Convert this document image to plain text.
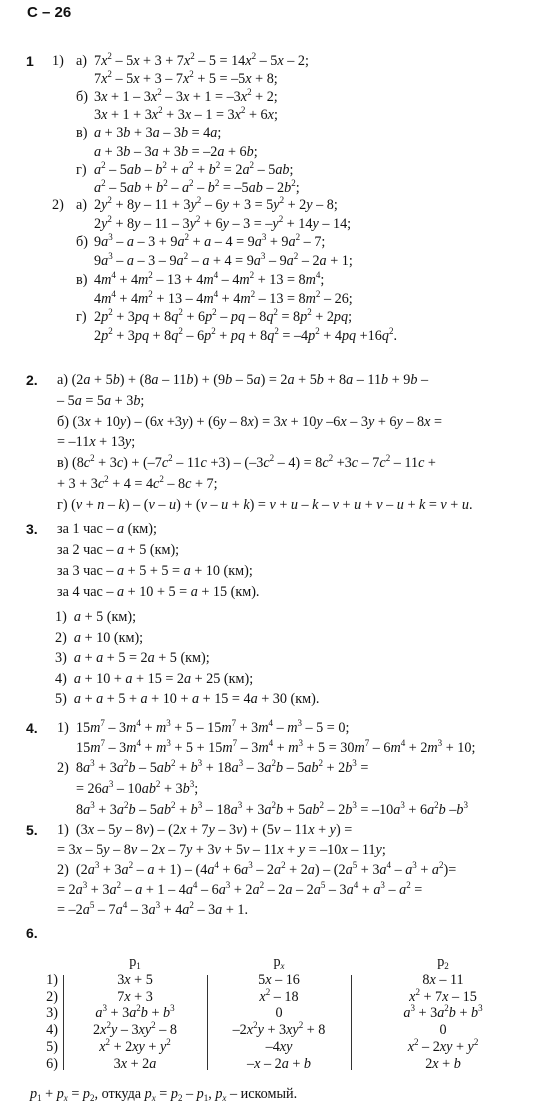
С – 26
1 1) а) $7x^2 - 5x + 3 + 7x^2 - 5 = 14x^2 - 5x - 2$;
$7x^2 - 5x + 3 - 7x^2 + 5 = -5x + 8$;
б) $3x + 1 - 3x^2 - 3x + 1 = -3x^2 + 2$;
$3x + 1 + 3x^2 + 3x - 1 = 3x^2 + 6x$;
в) a + 3b + 3a – 3b = 4a;
a + 3b – 3a + 3b = –2a + 6b;
г) $a^2 - 5ab - b^2 + a^2 + b^2 = 2a^2 - 5ab$;
$a^2 - 5ab + b^2 - a^2 - b^2 = -5ab - 2b^2$;
2) а) $2y^2 + 8y - 11 + 3y^2 - 6y + 3 = 5y^2 + 2y - 8$;
$2y^2 + 8y - 11 - 3y^2 + 6y - 3 = -y^2 + 14y - 14$;
б) $9a^3 - a - 3 + 9a^2 + a - 4 = 9a^3 + 9a^2 - 7$;
$9a^3 - a - 3 - 9a^2 - a + 4 = 9a^3 - 9a^2 - 2a + 1$;
в) $4m^4 + 4m^2 - 13 + 4m^4 - 4m^2 + 13 = 8m^4$;
$4m^4 + 4m^2 + 13 - 4m^4 + 4m^2 - 13 = 8m^2 - 26$;
г) $2p^2 + 3pq + 8q^2 + 6p^2$ – pq – $8q^2 = 8p^2 + 2pq$;
$2p^2 + 3pq + 8q^2 - 6p^2$ + pq + $8q^2 = -4p^2 + 4pq +16q^2$.
2. а) (2a + 5b) + (8a – 11b) + (9b – 5a) = 2a + 5b + 8a – 11b + 9b –
– 5a = 5a + 3b;
б) (3x + 10y) – (6x +3y) + (6y – 8x) = 3x + 10y –6x – 3y + 6y – 8x =
= –11x + 13y;
в) $(8c^2 + 3c) + (-7c^2 - 11c +3) - (-3c^2 - 4) = 8c^2 +3c - 7c^2 - 11c$ +
+ $3 + 3c^2 + 4 = 4c^2 - 8c + 7$;
г) (v + n – k) – (v – u) + (v – u + k) = v + u – k – v + u + v – u + k = v + u.
3. за 1 час – a (км);
за 2 час – a + 5 (км);
за 3 час – a + 5 + 5 = a + 10 (км);
за 4 час – a + 10 + 5 = a + 15 (км).
1)  a + 5 (км);
2)  a + 10 (км);
3)  a + a + 5 = 2a + 5 (км);
4)  a + 10 + a + 15 = 2a + 25 (км);
5)  a + a + 5 + a + 10 + a + 15 = 4a + 30 (км).
4. 1)  $15m^7 - 3m^4 + m^3 + 5 - 15m^7 + 3m^4 - m^3 - 5 = 0$;
$15m^7 - 3m^4 + m^3 + 5 + 15m^7 - 3m^4 + m^3 + 5 = 30m^7 - 6m^4 + 2m^3 + 10$;
2)  $8a^3 + 3a^2b - 5ab^2 + b^3 + 18a^3 - 3a^2b - 5ab^2 + 2b^3$ =
= $26a^3 - 10ab^2 + 3b^3$;
$8a^3 + 3a^2b - 5ab^2 + b^3 - 18a^3 + 3a^2b + 5ab^2 - 2b^3 = -10a^3 + 6a^2b$ $-b^3$
5. 1)  (3x – 5y – 8v) – (2x + 7y – 3v) + (5v – 11x + y) =
= 3x – 5y – 8v – 2x – 7y + 3v + 5v – 11x + y = –10x – 11y;
2)  $(2a^3 + 3a^2 - a + 1) - (4a^4 + 6a^3 - 2a^2 + 2a) - (2a^5 + 3a^4 - a^3 + a^2)=$
= $2a^3 + 3a^2 - a + 1 - 4a^4 - 6a^3 + 2a^2 - 2a - 2a^5 - 3a^4 + a^3 - a^2$ =
= $-2a^5 - 7a^4 - 3a^3 + 4a^2 - 3a + 1$.
6.
$p_1$	$p_x$	$p_2$
1)	3x + 5	5x – 16	8x – 11
2)	7x + 3	$x^2 - 18$	$x^2 + 7x - 15$
3)	$a^3 + 3a^2b + b^3$	0	$a^3 + 3a^2b + b^3$
4)	$2x^2y - 3xy^2 - 8$	$-2x^2y + 3xy^2 + 8$	0
5)	$x^2 + 2xy + y^2$	–4xy	$x^2 - 2xy + y^2$
6)	3x + 2a	–x – 2a + b	2x + b
$p_1 + p_x = p_2$, откуда $p_x = p_2 - p_1$, $p_x$ – искомый.
